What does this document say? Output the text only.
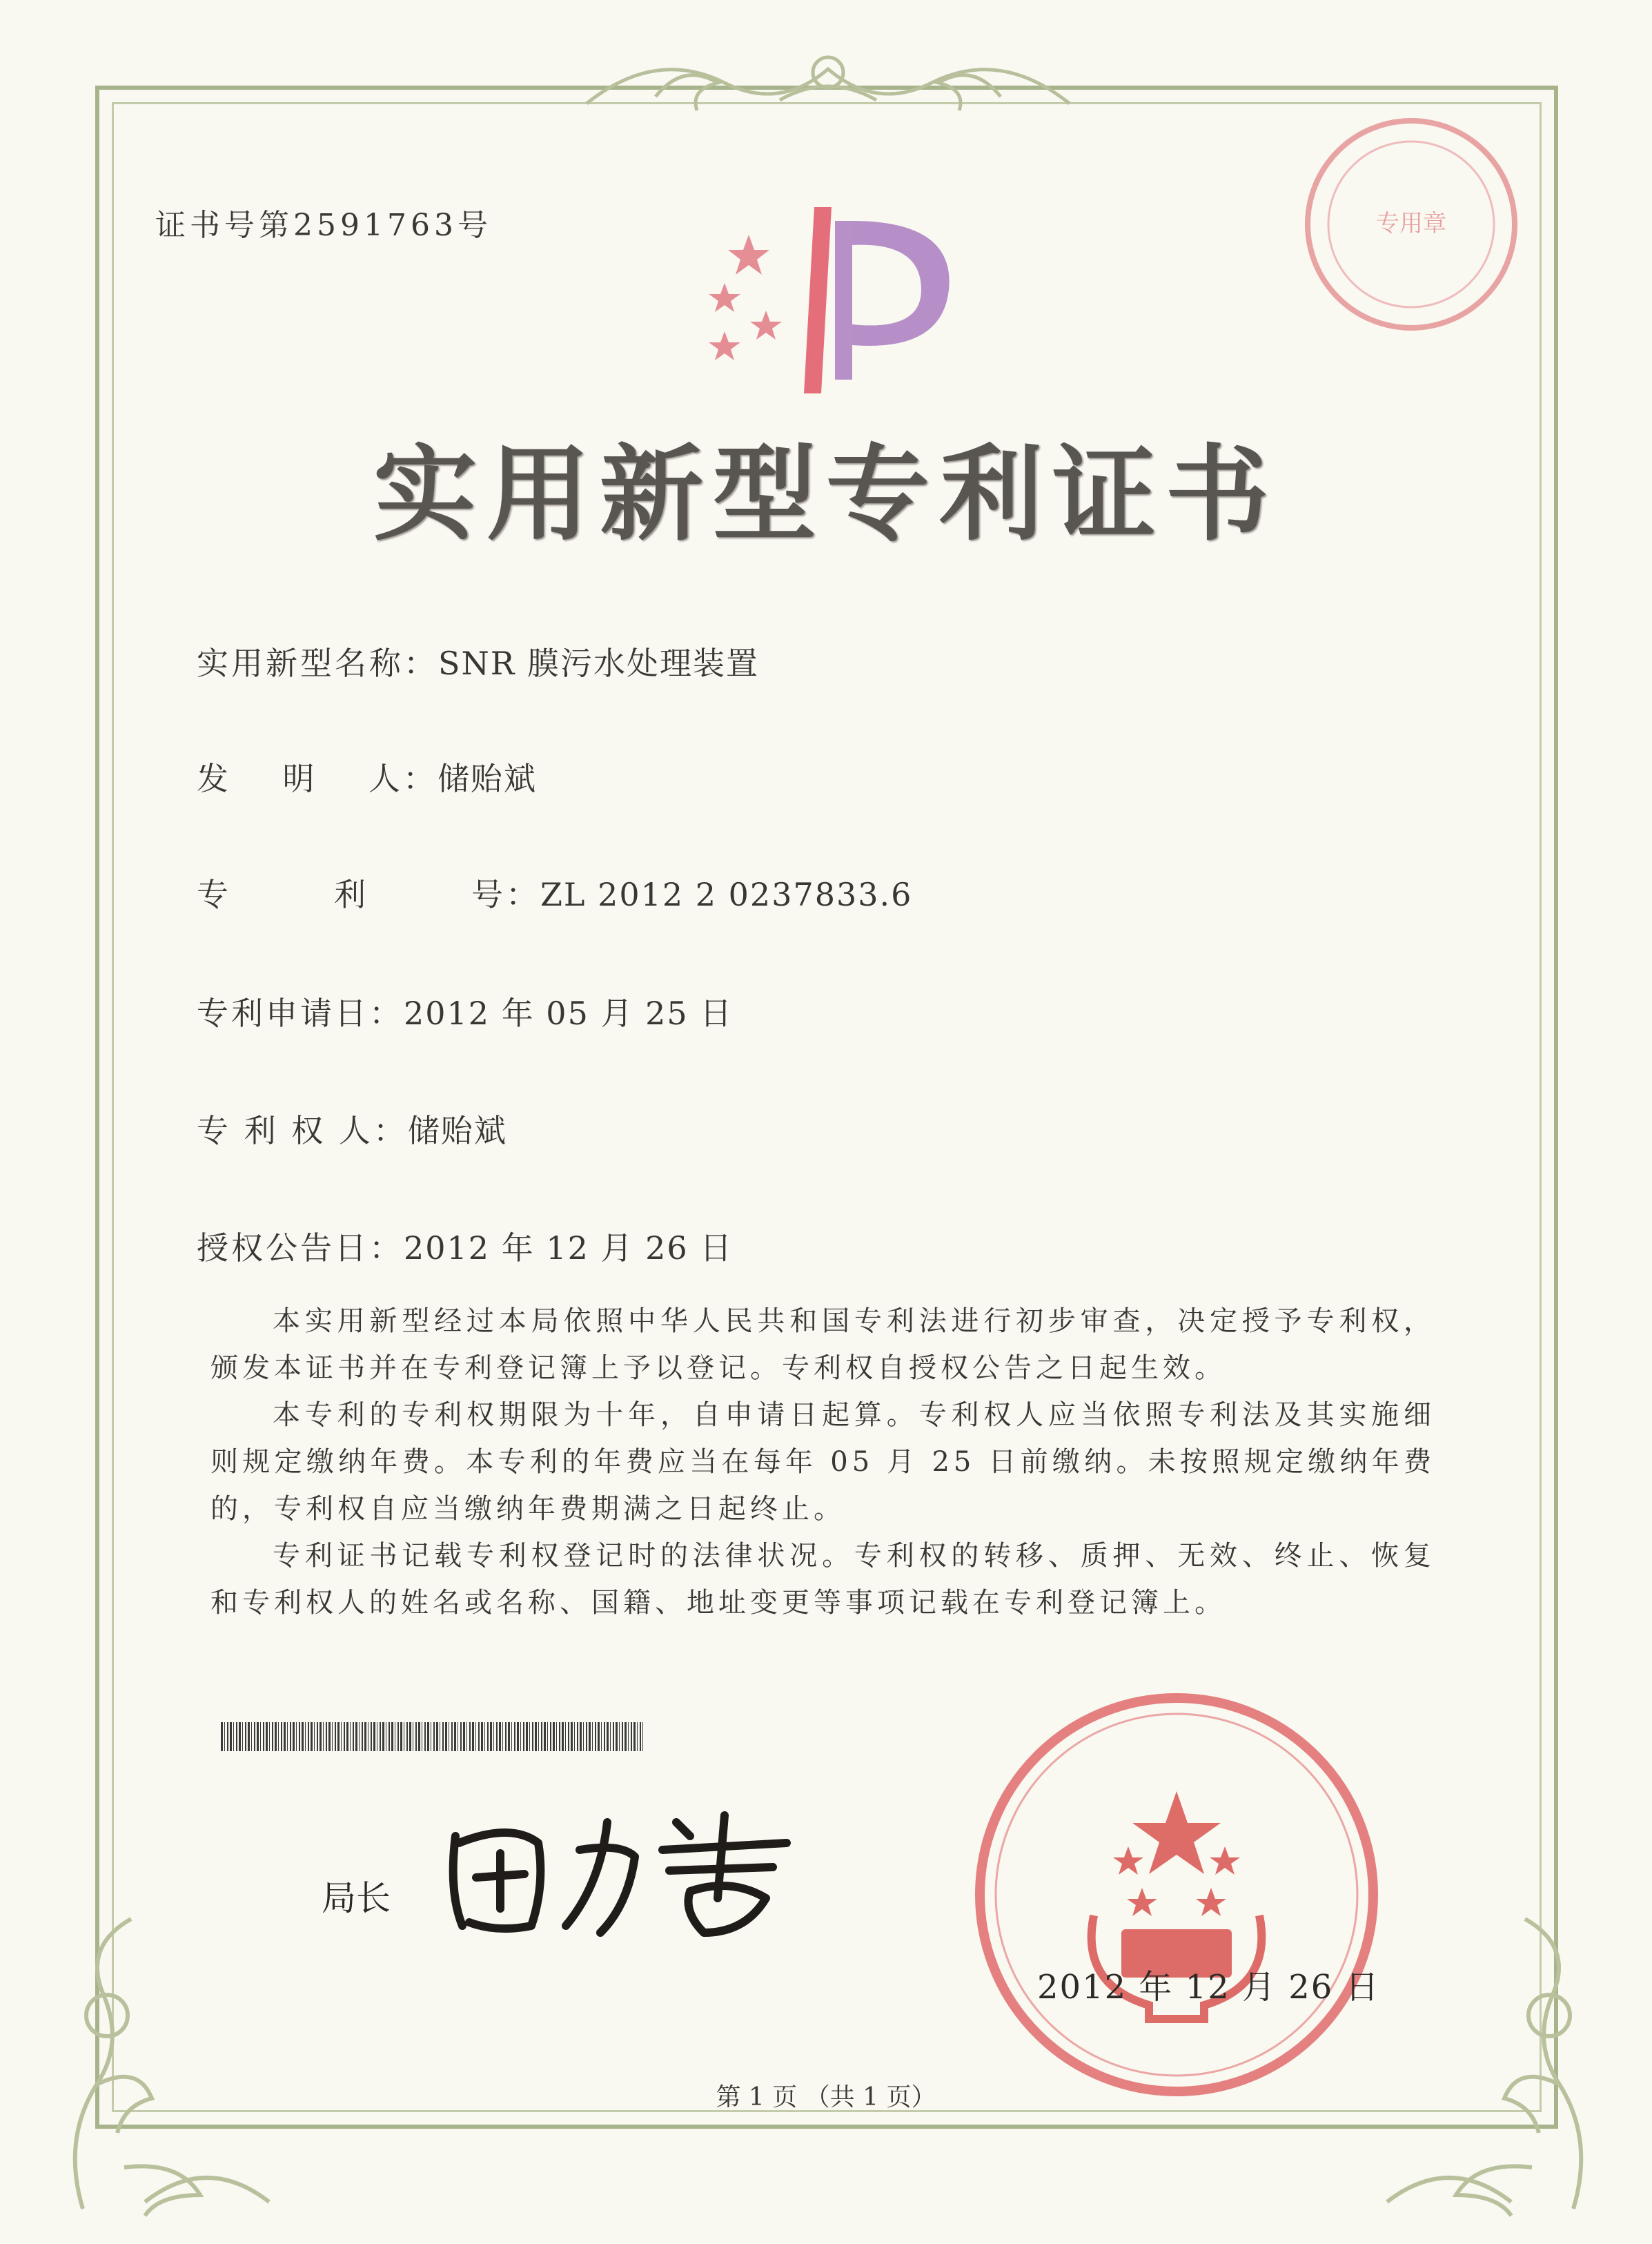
证书号第2591763号	专用章
实用新型专利证书
实用新型名称：SNR 膜污水处理装置
发    明    人：储贻斌
专        利        号：ZL 2012 2 0237833.6
专利申请日：2012 年 05 月 25 日
专 利 权 人：储贻斌
授权公告日：2012 年 12 月 26 日

本实用新型经过本局依照中华人民共和国专利法进行初步审查，决定授予专利权，颁发本证书并在专利登记簿上予以登记。专利权自授权公告之日起生效。

本专利的专利权期限为十年，自申请日起算。专利权人应当依照专利法及其实施细则规定缴纳年费。本专利的年费应当在每年 05 月 25 日前缴纳。未按照规定缴纳年费的，专利权自应当缴纳年费期满之日起终止。

专利证书记载专利权登记时的法律状况。专利权的转移、质押、无效、终止、恢复和专利权人的姓名或名称、国籍、地址变更等事项记载在专利登记簿上。

局长
2012 年 12 月 26 日
第 1 页 （共 1 页）
